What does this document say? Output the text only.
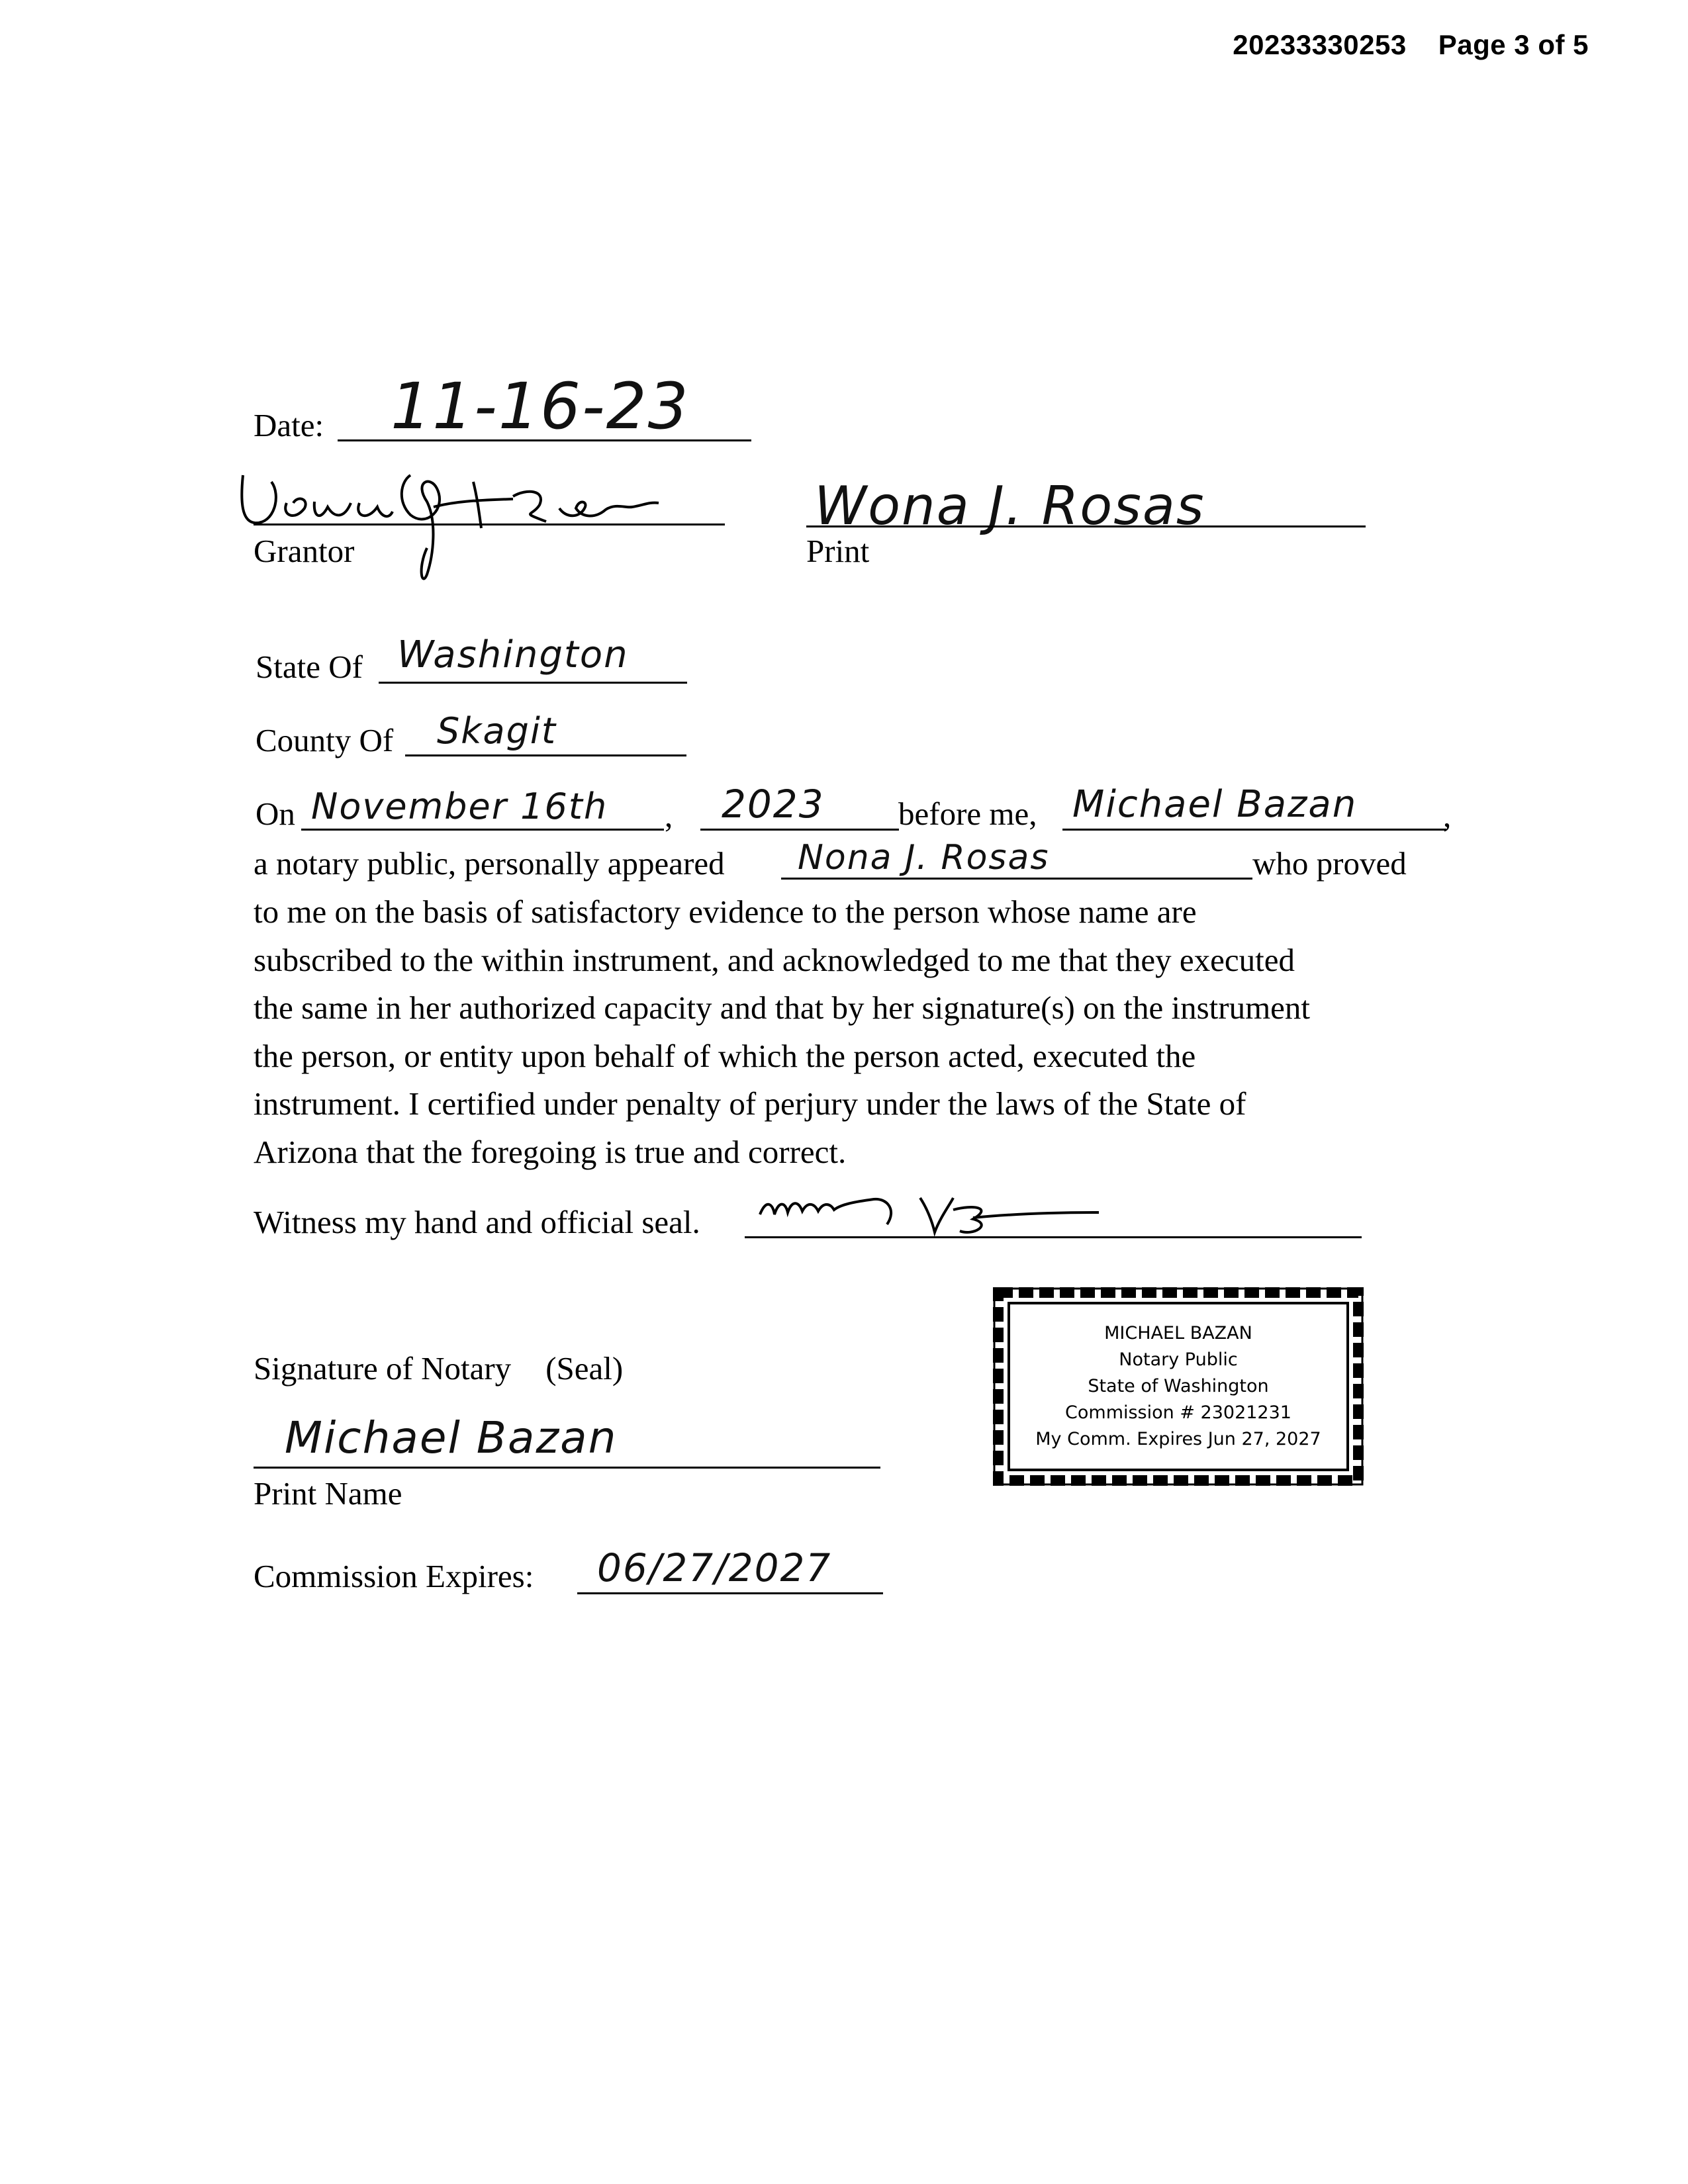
20233330253 Page 3 of 5
Date: 11-16-23
Grantor
Wona J. Rosas
Print
State Of Washington
County Of Skagit
On November 16th , 2023 before me, Michael Bazan	,
a notary public, personally appeared Nona J. Rosas	who proved

to me on the basis of satisfactory evidence to the person whose name are

subscribed to the within instrument, and acknowledged to me that they executed

the same in her authorized capacity and that by her signature(s) on the instrument

the person, or entity upon behalf of which the person acted, executed the

instrument. I certified under penalty of perjury under the laws of the State of

Arizona that the foregoing is true and correct.

Witness my hand and official seal.
Signature of Notary (Seal)
Michael Bazan
Print Name
Commission Expires: 06/27/2027
MICHAEL BAZAN
Notary Public
State of Washington
Commission # 23021231
My Comm. Expires Jun 27, 2027
